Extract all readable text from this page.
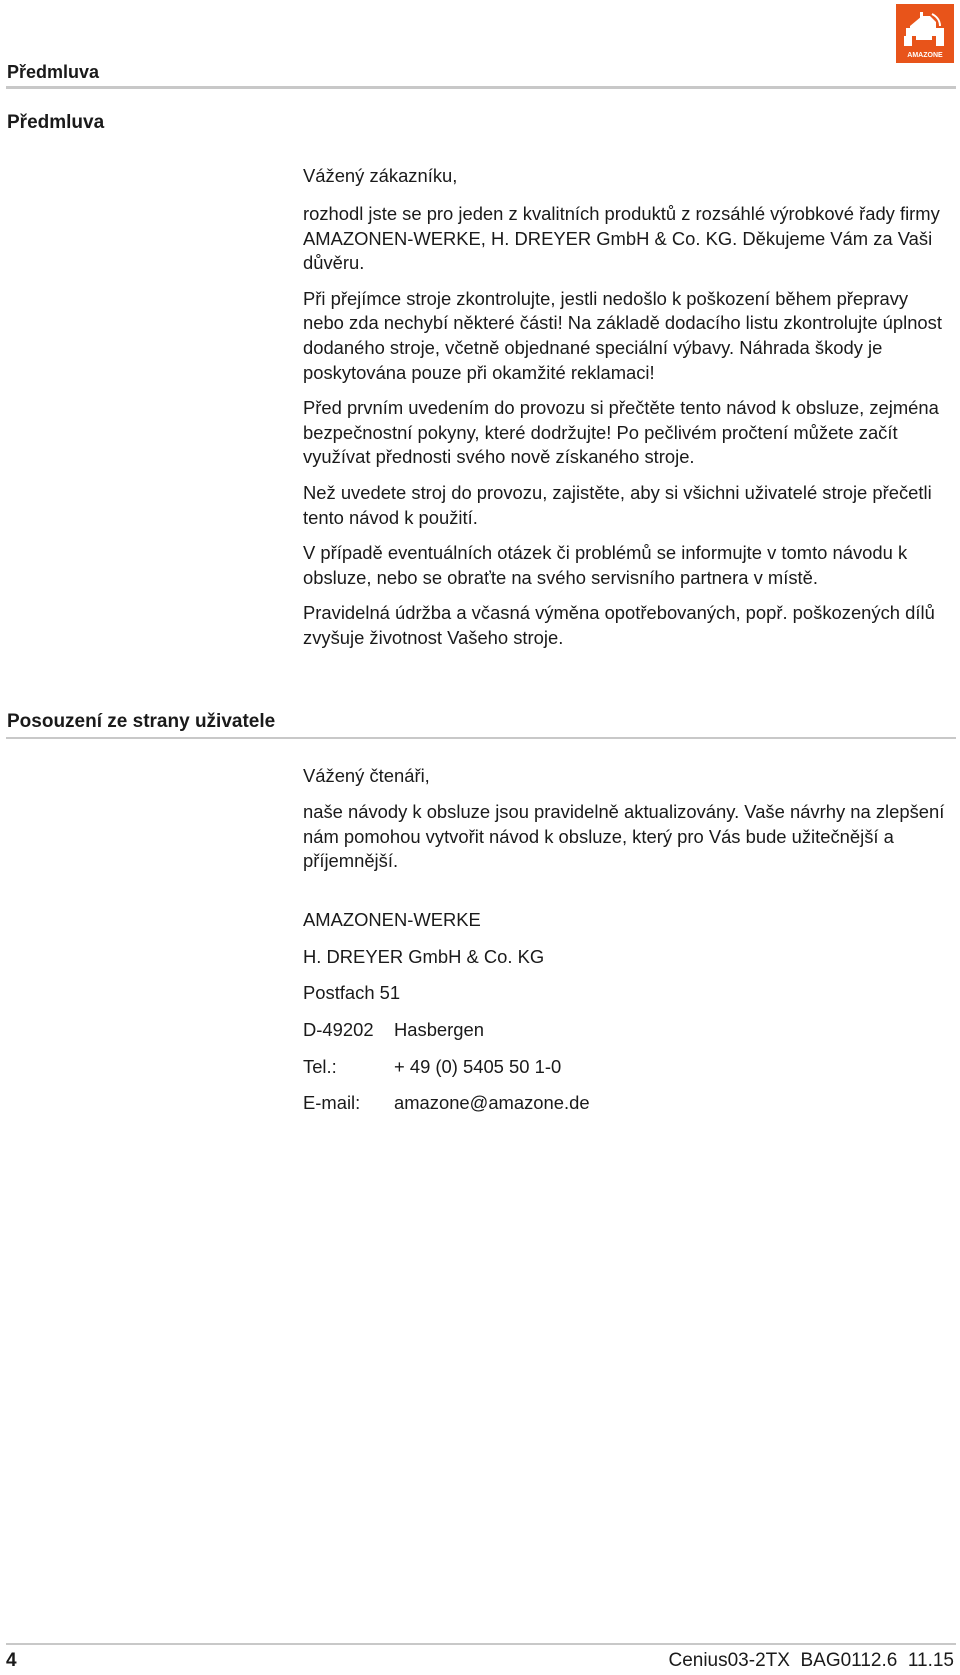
AMAZONE
Předmluva
Předmluva
Vážený zákazníku,

rozhodl jste se pro jeden z kvalitních produktů z rozsáhlé výrobkové řady firmy AMAZONEN-WERKE, H. DREYER GmbH & Co. KG. Děkujeme Vám za Vaši důvěru.

Při přejímce stroje zkontrolujte, jestli nedošlo k poškození během přepravy nebo zda nechybí některé části! Na základě dodacího listu zkontrolujte úplnost dodaného stroje, včetně objednané speciální výbavy. Náhrada škody je poskytována pouze při okamžité reklamaci!

Před prvním uvedením do provozu si přečtěte tento návod k obsluze, zejména bezpečnostní pokyny, které dodržujte! Po pečlivém pročtení můžete začít využívat přednosti svého nově získaného stroje.

Než uvedete stroj do provozu, zajistěte, aby si všichni uživatelé stroje přečetli tento návod k použití.

V případě eventuálních otázek či problémů se informujte v tomto návodu k obsluze, nebo se obraťte na svého servisního partnera v místě.

Pravidelná údržba a včasná výměna opotřebovaných, popř. poškozených dílů zvyšuje životnost Vašeho stroje.

Posouzení ze strany uživatele
Vážený čtenáři,

naše návody k obsluze jsou pravidelně aktualizovány. Vaše návrhy na zlepšení nám pomohou vytvořit návod k obsluze, který pro Vás bude užitečnější a příjemnější.

AMAZONEN-WERKE
H. DREYER GmbH & Co. KG
Postfach 51
D-49202 Hasbergen
Tel.:	+ 49 (0) 5405 50 1-0
E-mail: amazone@amazone.de
4	Cenius03-2TX  BAG0112.6  11.15
